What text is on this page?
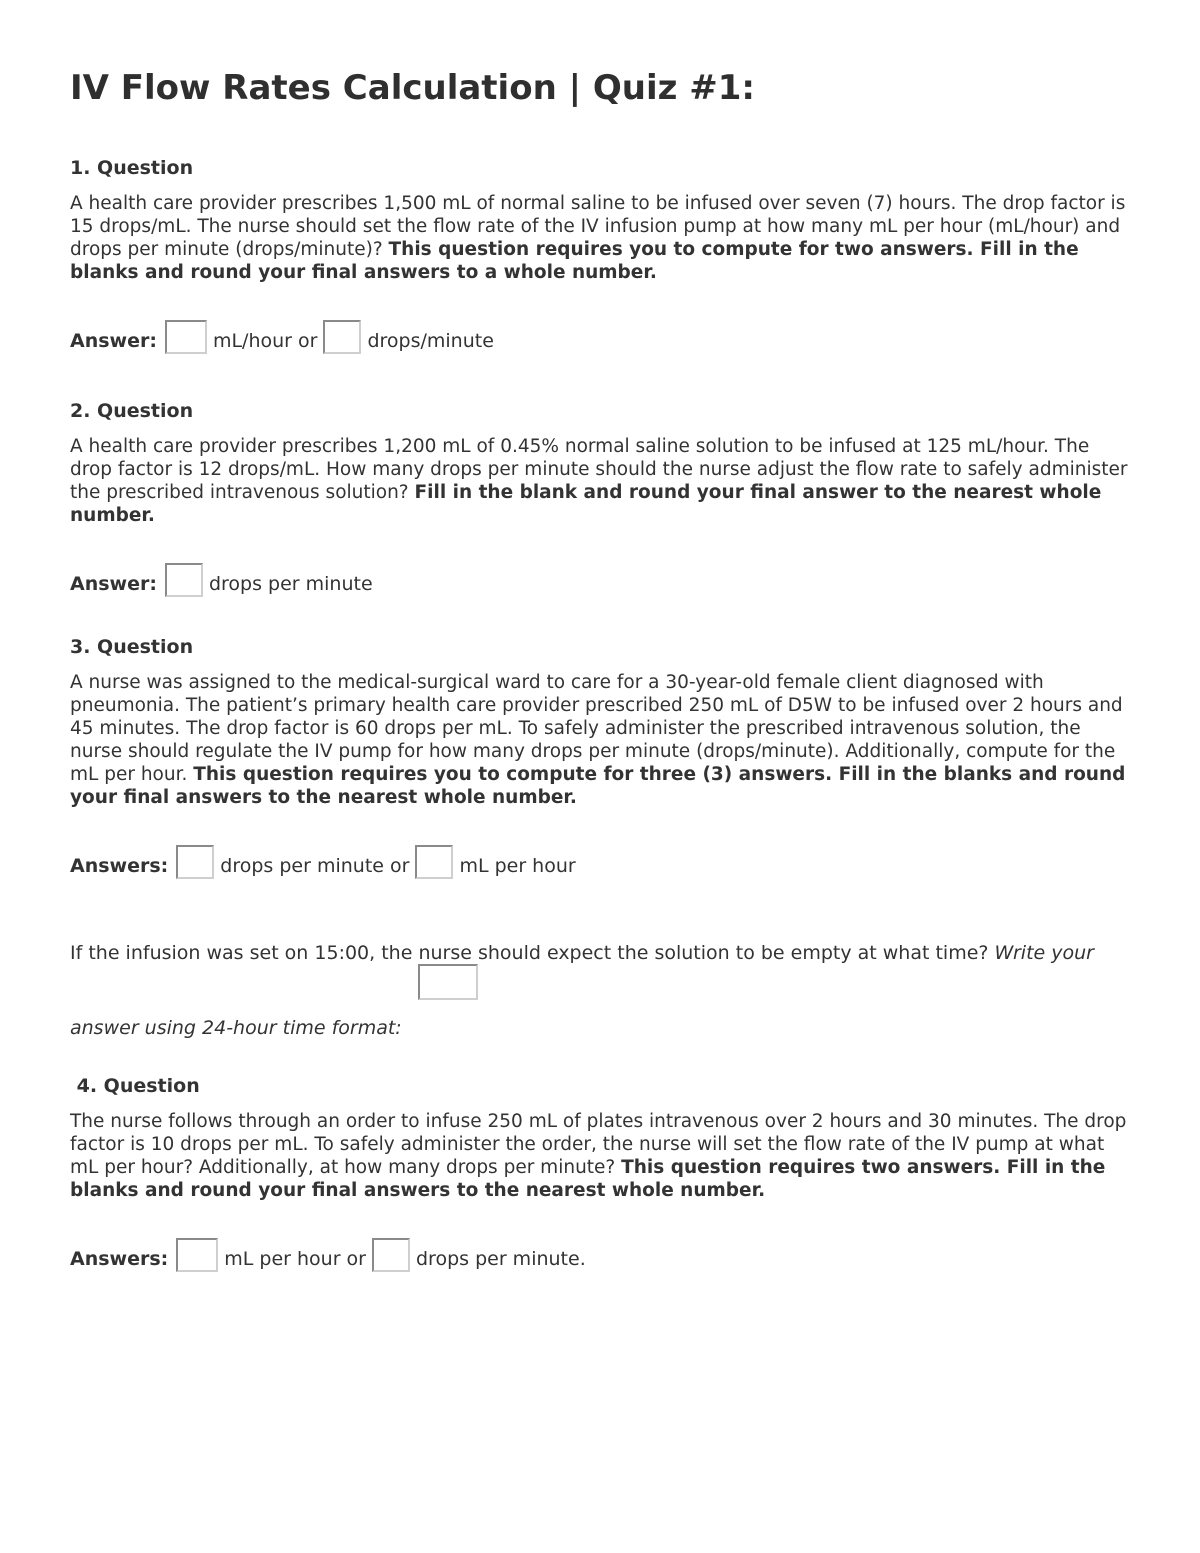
IV Flow Rates Calculation | Quiz #1:
1. Question
A health care provider prescribes 1,500 mL of normal saline to be infused over seven (7) hours. The drop factor is 15 drops/mL. The nurse should set the flow rate of the IV infusion pump at how many mL per hour (mL/hour) and drops per minute (drops/minute)? This question requires you to compute for two answers. Fill in the blanks and round your final answers to a whole number.
Answer:	mL/hour or	drops/minute
2. Question
A health care provider prescribes 1,200 mL of 0.45% normal saline solution to be infused at 125 mL/hour. The drop factor is 12 drops/mL. How many drops per minute should the nurse adjust the flow rate to safely administer the prescribed intravenous solution? Fill in the blank and round your final answer to the nearest whole number.
Answer:	drops per minute
3. Question
A nurse was assigned to the medical-surgical ward to care for a 30-year-old female client diagnosed with pneumonia. The patient’s primary health care provider prescribed 250 mL of D5W to be infused over 2 hours and 45 minutes. The drop factor is 60 drops per mL. To safely administer the prescribed intravenous solution, the nurse should regulate the IV pump for how many drops per minute (drops/minute). Additionally, compute for the mL per hour. This question requires you to compute for three (3) answers. Fill in the blanks and round your final answers to the nearest whole number.
Answers:	drops per minute or	mL per hour
If the infusion was set on 15:00, the nurse should expect the solution to be empty at what time? Write your
answer using 24-hour time format:
4. Question
The nurse follows through an order to infuse 250 mL of plates intravenous over 2 hours and 30 minutes. The drop factor is 10 drops per mL. To safely administer the order, the nurse will set the flow rate of the IV pump at what mL per hour? Additionally, at how many drops per minute? This question requires two answers. Fill in the blanks and round your final answers to the nearest whole number.
Answers:	mL per hour or	drops per minute.
